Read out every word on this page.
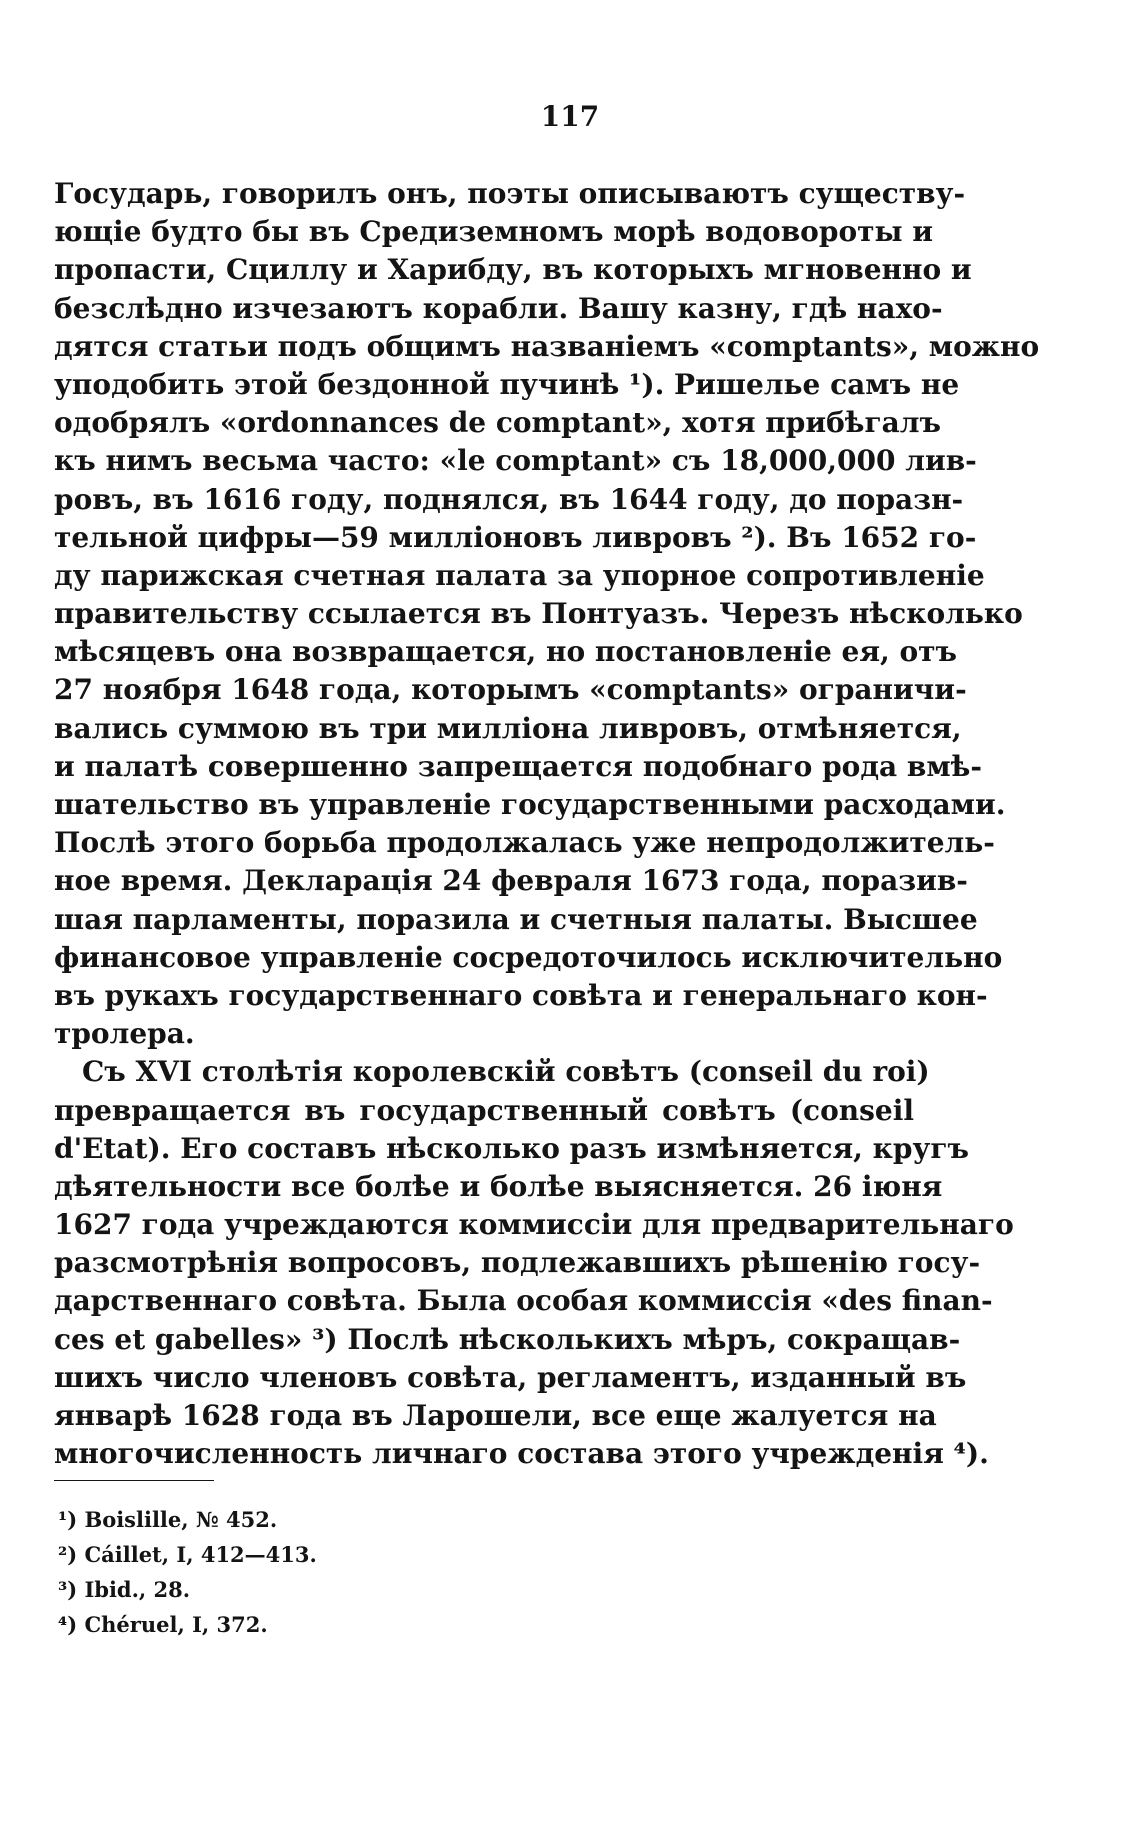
117
Государь, говорилъ онъ, поэты описываютъ существу-
ющіе будто бы въ Средиземномъ морѣ водовороты и
пропасти, Сциллу и Харибду, въ которыхъ мгновенно и
безслѣдно изчезаютъ корабли. Вашу казну, гдѣ нахо-
дятся статьи подъ общимъ названіемъ «comptants», можно
уподобить этой бездонной пучинѣ ¹). Ришелье самъ не
одобрялъ «ordonnances de comptant», хотя прибѣгалъ
къ нимъ весьма часто: «le comptant» съ 18,000,000 лив-
ровъ, въ 1616 году, поднялся, въ 1644 году, до поразн-
тельной цифры—59 милліоновъ ливровъ ²). Въ 1652 го-
ду парижская счетная палата за упорное сопротивленіе
правительству ссылается въ Понтуазъ. Черезъ нѣсколько
мѣсяцевъ она возвращается, но постановленіе ея, отъ
27 ноября 1648 года, которымъ «comptants» ограничи-
вались суммою въ три милліона ливровъ, отмѣняется,
и палатѣ совершенно запрещается подобнаго рода вмѣ-
шательство въ управленіе государственными расходами.
Послѣ этого борьба продолжалась уже непродолжитель-
ное время. Декларація 24 февраля 1673 года, поразив-
шая парламенты, поразила и счетныя палаты. Высшее
финансовое управленіе сосредоточилось исключительно
въ рукахъ государственнаго совѣта и генеральнаго кон-
тролера.
Съ XVI столѣтія королевскій совѣтъ (conseil du roi)
превращается въ государственный совѣтъ (conseil
d'Etat). Его составъ нѣсколько разъ измѣняется, кругъ
дѣятельности все болѣе и болѣе выясняется. 26 іюня
1627 года учреждаются коммиссіи для предварительнаго
разсмотрѣнія вопросовъ, подлежавшихъ рѣшенію госу-
дарственнаго совѣта. Была особая коммиссія «des finan-
ces et gabelles» ³) Послѣ нѣсколькихъ мѣръ, сокращав-
шихъ число членовъ совѣта, регламентъ, изданный въ
январѣ 1628 года въ Ларошели, все еще жалуется на
многочисленность личнаго состава этого учрежденія ⁴).
¹) Boislille, № 452.
²) Cáillet, I, 412—413.
³) Ibid., 28.
⁴) Chéruel, I, 372.
